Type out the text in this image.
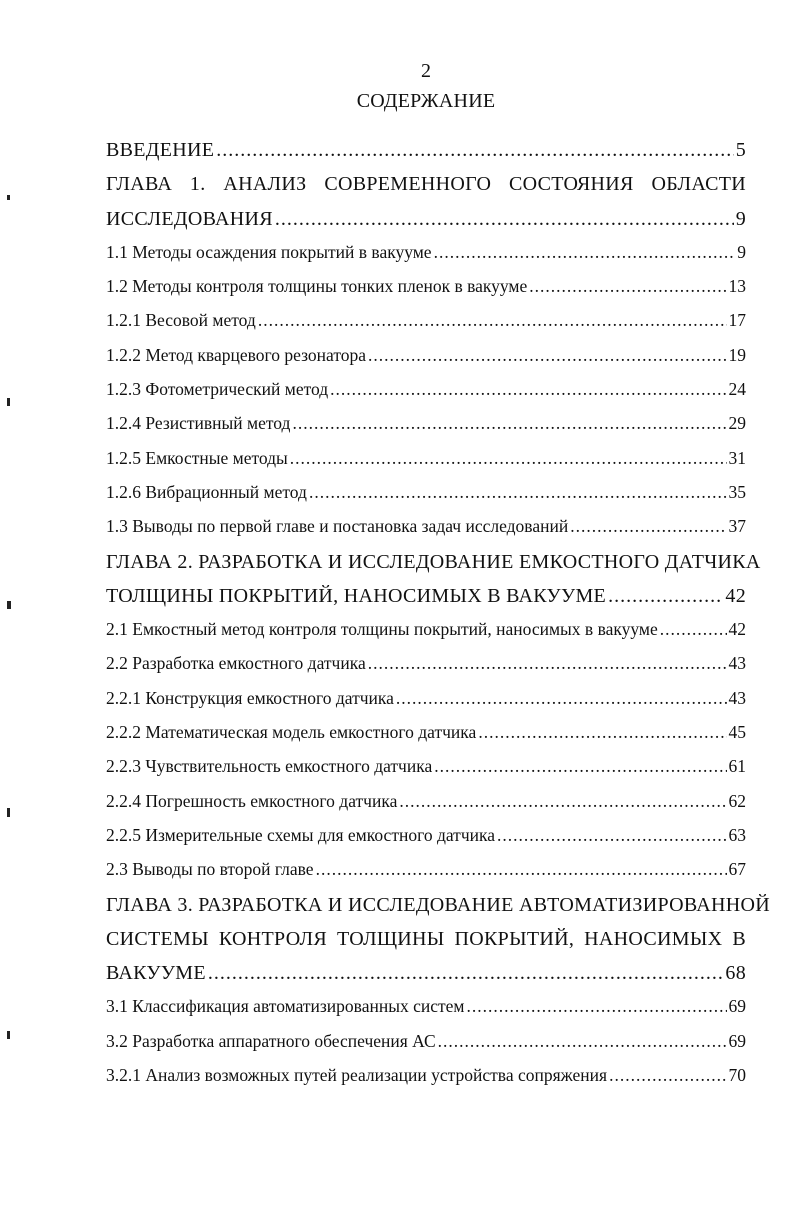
2
СОДЕРЖАНИЕ
ВВЕДЕНИЕ .....	5
ГЛАВА 1. АНАЛИЗ СОВРЕМЕННОГО СОСТОЯНИЯ ОБЛАСТИ
ИССЛЕДОВАНИЯ .....	9
1.1 Методы осаждения покрытий в вакууме .....	9
1.2 Методы контроля толщины тонких пленок в вакууме .....	13
1.2.1 Весовой метод .....	17
1.2.2 Метод кварцевого резонатора .....	19
1.2.3 Фотометрический метод .....	24
1.2.4 Резистивный метод .....	29
1.2.5 Емкостные методы .....	31
1.2.6 Вибрационный метод .....	35
1.3 Выводы по первой главе и постановка задач исследований .....	37
ГЛАВА 2. РАЗРАБОТКА И ИССЛЕДОВАНИЕ ЕМКОСТНОГО ДАТЧИКА
ТОЛЩИНЫ ПОКРЫТИЙ, НАНОСИМЫХ В ВАКУУМЕ .....	42
2.1 Емкостный метод контроля толщины покрытий, наносимых в вакууме .....	42
2.2 Разработка емкостного датчика .....	43
2.2.1 Конструкция емкостного датчика .....	43
2.2.2 Математическая модель емкостного датчика .....	45
2.2.3 Чувствительность емкостного датчика .....	61
2.2.4 Погрешность емкостного датчика .....	62
2.2.5 Измерительные схемы для емкостного датчика .....	63
2.3 Выводы по второй главе .....	67
ГЛАВА 3. РАЗРАБОТКА И ИССЛЕДОВАНИЕ АВТОМАТИЗИРОВАННОЙ
СИСТЕМЫ КОНТРОЛЯ ТОЛЩИНЫ ПОКРЫТИЙ, НАНОСИМЫХ В
ВАКУУМЕ .....	68
3.1 Классификация автоматизированных систем .....	69
3.2 Разработка аппаратного обеспечения АС .....	69
3.2.1 Анализ возможных путей реализации устройства сопряжения .....	70
